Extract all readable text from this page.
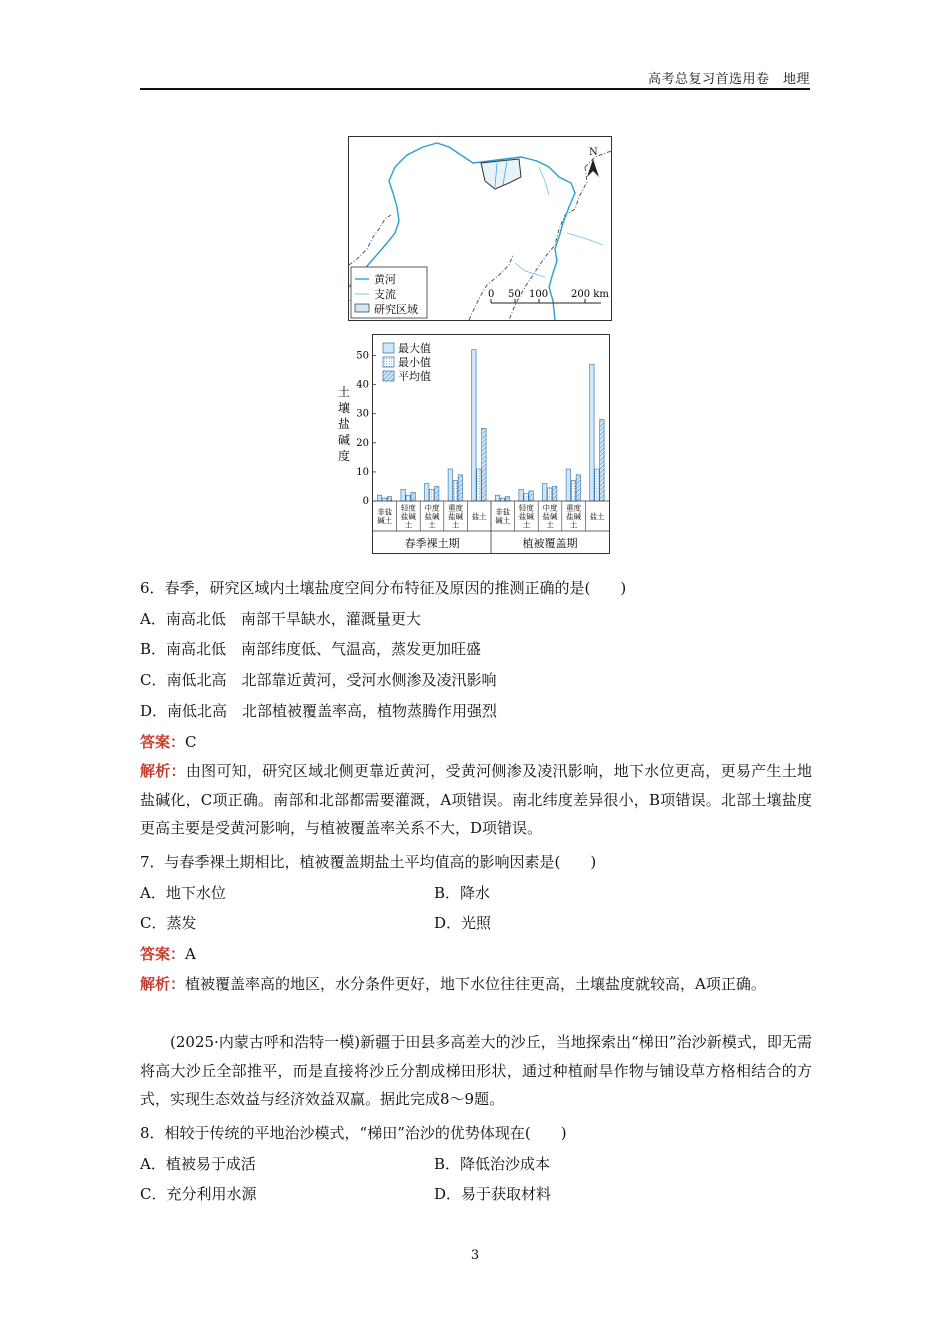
高考总复习首选用卷　地理
N
黄河
支流
研究区域
0 50 100 200 km
土
壤
盐
碱
度
0
10
20
30
40
50
最大值
最小值
平均值
非盐
碱土
轻度
盐碱
土
中度
盐碱
土
重度
盐碱
土
盐土 非盐
碱土
轻度
盐碱
土
中度
盐碱
土
重度
盐碱
土
盐土
春季裸土期	植被覆盖期
6．春季，研究区域内土壤盐度空间分布特征及原因的推测正确的是(　　)
A．南高北低　南部干旱缺水，灌溉量更大
B．南高北低　南部纬度低、气温高，蒸发更加旺盛
C．南低北高　北部靠近黄河，受河水侧渗及凌汛影响
D．南低北高　北部植被覆盖率高，植物蒸腾作用强烈
答案：C
解析：由图可知，研究区域北侧更靠近黄河，受黄河侧渗及凌汛影响，地下水位更高，更易产生土地盐碱化，C项正确。南部和北部都需要灌溉，A项错误。南北纬度差异很小，B项错误。北部土壤盐度更高主要是受黄河影响，与植被覆盖率关系不大，D项错误。
7．与春季裸土期相比，植被覆盖期盐土平均值高的影响因素是(　　)
A．地下水位	B．降水
C．蒸发	D．光照
答案：A
解析：植被覆盖率高的地区，水分条件更好，地下水位往往更高，土壤盐度就较高，A项正确。
(2025·内蒙古呼和浩特一模)新疆于田县多高差大的沙丘，当地探索出“梯田”治沙新模式，即无需将高大沙丘全部推平，而是直接将沙丘分割成梯田形状，通过种植耐旱作物与铺设草方格相结合的方式，实现生态效益与经济效益双赢。据此完成8～9题。
8．相较于传统的平地治沙模式，“梯田”治沙的优势体现在(　　)
A．植被易于成活	B．降低治沙成本
C．充分利用水源	D．易于获取材料
3
